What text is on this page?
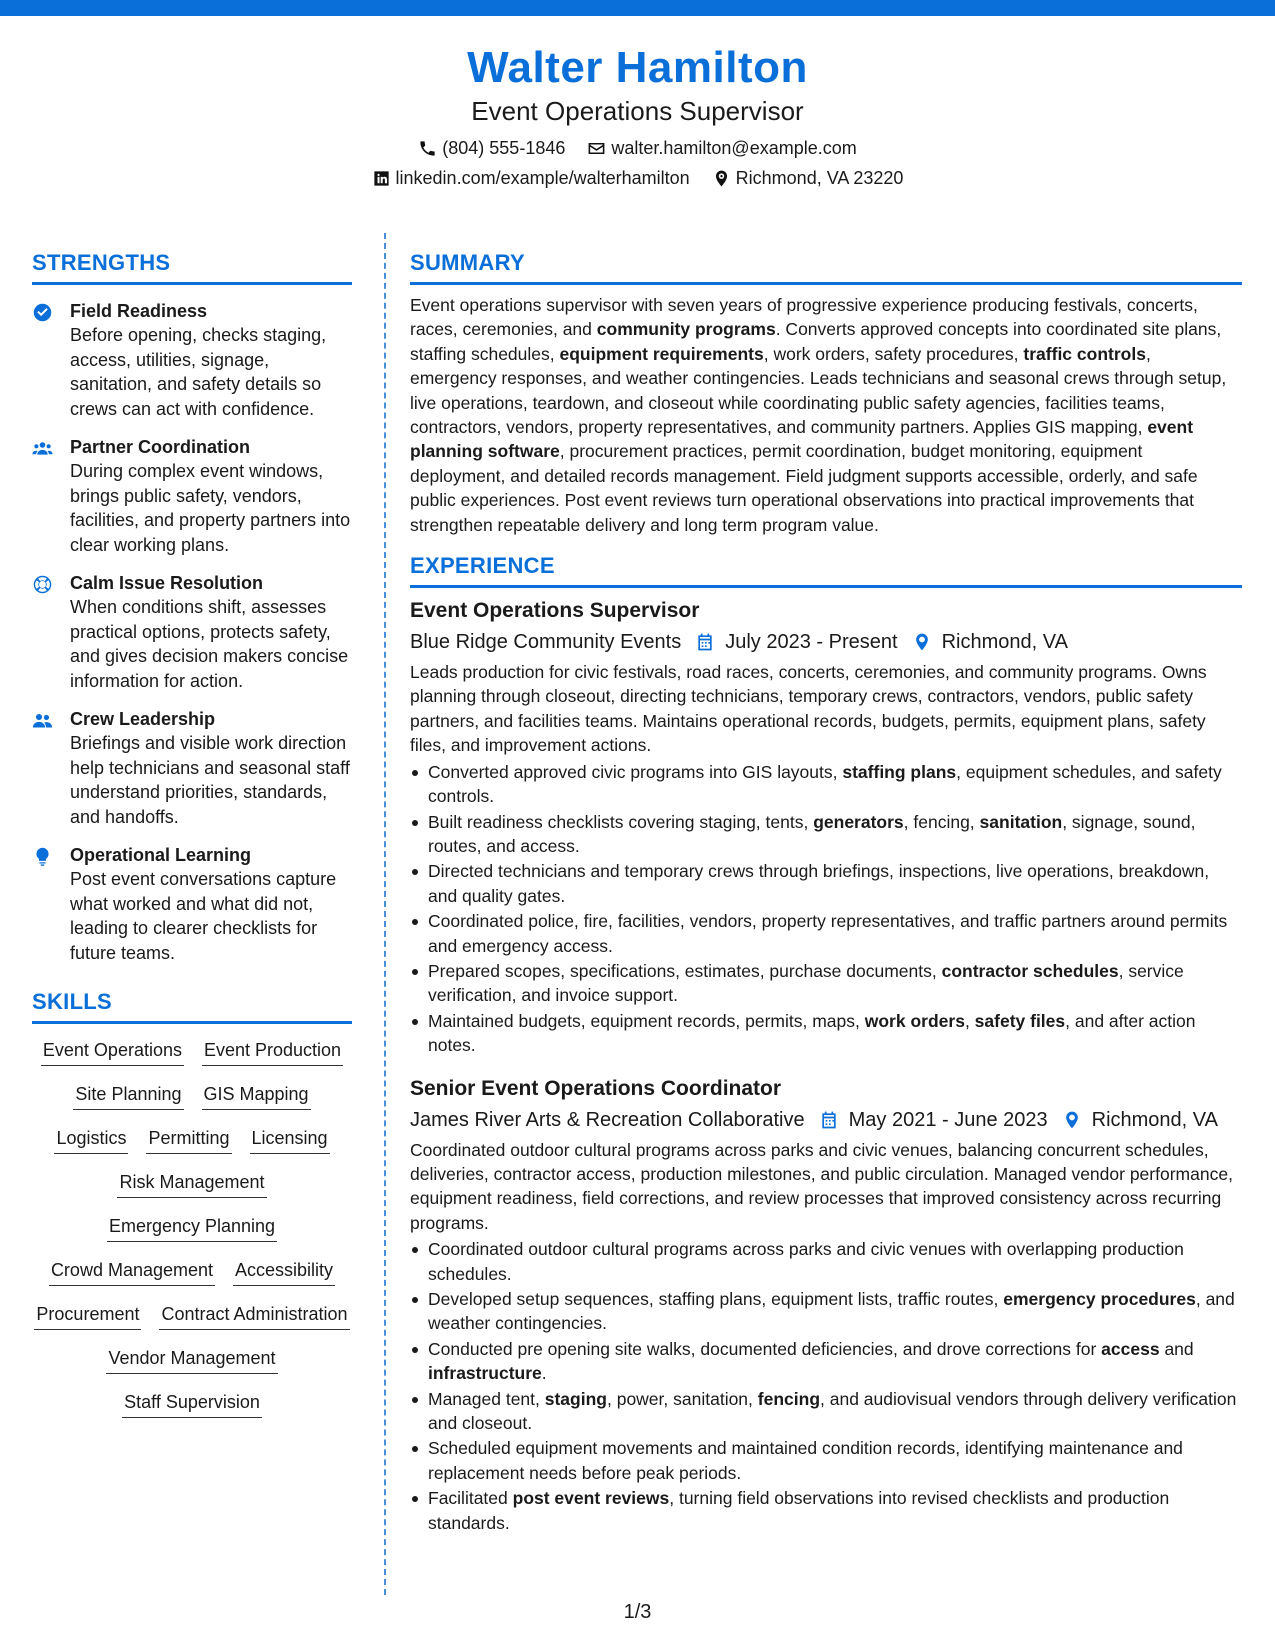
Walter Hamilton
Event Operations Supervisor
(804) 555-1846	walter.hamilton@example.com
linkedin.com/example/walterhamilton	Richmond, VA 23220
STRENGTHS
Field Readiness
Before opening, checks staging, access, utilities, signage, sanitation, and safety details so crews can act with confidence.
Partner Coordination
During complex event windows, brings public safety, vendors, facilities, and property partners into clear working plans.
Calm Issue Resolution
When conditions shift, assesses practical options, protects safety, and gives decision makers concise information for action.
Crew Leadership
Briefings and visible work direction help technicians and seasonal staff understand priorities, standards, and handoffs.
Operational Learning
Post event conversations capture what worked and what did not, leading to clearer checklists for future teams.
SKILLS
Event Operations Event Production
Site Planning GIS Mapping
Logistics Permitting Licensing
Risk Management
Emergency Planning
Crowd Management Accessibility
Procurement Contract Administration
Vendor Management
Staff Supervision
SUMMARY
Event operations supervisor with seven years of progressive experience producing festivals, concerts, races, ceremonies, and community programs. Converts approved concepts into coordinated site plans, staffing schedules, equipment requirements, work orders, safety procedures, traffic controls, emergency responses, and weather contingencies. Leads technicians and seasonal crews through setup, live operations, teardown, and closeout while coordinating public safety agencies, facilities teams, contractors, vendors, property representatives, and community partners. Applies GIS mapping, event planning software, procurement practices, permit coordination, budget monitoring, equipment deployment, and detailed records management. Field judgment supports accessible, orderly, and safe public experiences. Post event reviews turn operational observations into practical improvements that strengthen repeatable delivery and long term program value.
EXPERIENCE
Event Operations Supervisor
Blue Ridge Community Events July 2023 - Present Richmond, VA
Leads production for civic festivals, road races, concerts, ceremonies, and community programs. Owns planning through closeout, directing technicians, temporary crews, contractors, vendors, public safety partners, and facilities teams. Maintains operational records, budgets, permits, equipment plans, safety files, and improvement actions.
Converted approved civic programs into GIS layouts, staffing plans, equipment schedules, and safety controls.
Built readiness checklists covering staging, tents, generators, fencing, sanitation, signage, sound, routes, and access.
Directed technicians and temporary crews through briefings, inspections, live operations, breakdown, and quality gates.
Coordinated police, fire, facilities, vendors, property representatives, and traffic partners around permits and emergency access.
Prepared scopes, specifications, estimates, purchase documents, contractor schedules, service verification, and invoice support.
Maintained budgets, equipment records, permits, maps, work orders, safety files, and after action notes.
Senior Event Operations Coordinator
James River Arts & Recreation Collaborative May 2021 - June 2023 Richmond, VA
Coordinated outdoor cultural programs across parks and civic venues, balancing concurrent schedules, deliveries, contractor access, production milestones, and public circulation. Managed vendor performance, equipment readiness, field corrections, and review processes that improved consistency across recurring programs.
Coordinated outdoor cultural programs across parks and civic venues with overlapping production schedules.
Developed setup sequences, staffing plans, equipment lists, traffic routes, emergency procedures, and weather contingencies.
Conducted pre opening site walks, documented deficiencies, and drove corrections for access and infrastructure.
Managed tent, staging, power, sanitation, fencing, and audiovisual vendors through delivery verification and closeout.
Scheduled equipment movements and maintained condition records, identifying maintenance and replacement needs before peak periods.
Facilitated post event reviews, turning field observations into revised checklists and production standards.
1/3
